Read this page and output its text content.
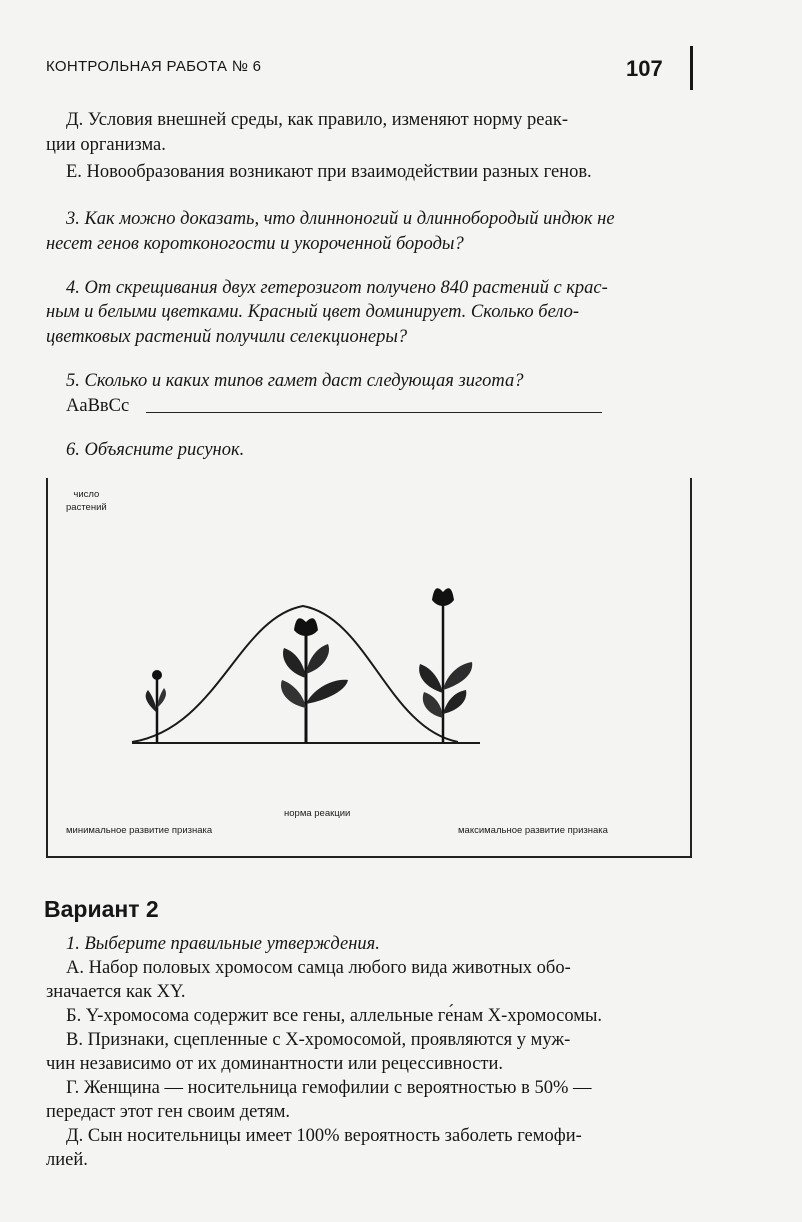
КОНТРОЛЬНАЯ РАБОТА № 6	107

Д. Условия внешней среды, как правило, изменяют норму реак-

ции организма.

Е. Новообразования возникают при взаимодействии разных генов.

3. Как можно доказать, что длинноногий и длиннобородый индюк не

несет генов коротконогости и укороченной бороды?

4. От скрещивания двух гетерозигот получено 840 растений с крас-

ным и белыми цветками. Красный цвет доминирует. Сколько бело-

цветковых растений получили селекционеры?

5. Сколько и каких типов гамет даст следующая зигота?

AaBвCc

6. Объясните рисунок.

число
растений
норма реакции
минимальное развитие признака	максимальное развитие признака
Вариант 2

1. Выберите правильные утверждения.

А. Набор половых хромосом самца любого вида животных обо-

значается как XY.

Б. Y-хромосома содержит все гены, аллельные ге́нам X-хромосомы.

В. Признаки, сцепленные с X-хромосомой, проявляются у муж-

чин независимо от их доминантности или рецессивности.

Г. Женщина — носительница гемофилии с вероятностью в 50% —

передаст этот ген своим детям.

Д. Сын носительницы имеет 100% вероятность заболеть гемофи-

лией.
